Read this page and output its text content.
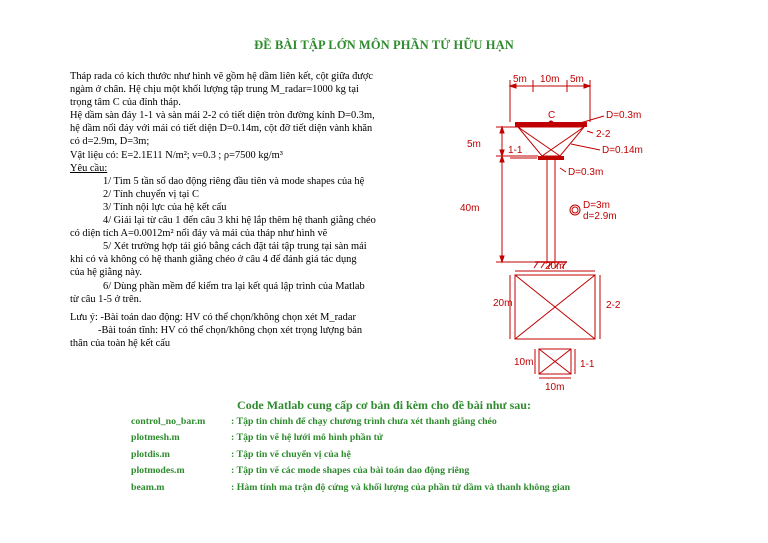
ĐỀ BÀI TẬP LỚN MÔN PHẦN TỬ HỮU HẠN

Tháp rada có kích thước như hình vẽ gồm hệ dầm liên kết, cột giữa được

ngàm ở chân. Hệ chịu một khối lượng tập trung M_radar=1000 kg tại

trọng tâm C của đỉnh tháp.

Hệ dầm sàn đáy 1-1 và sàn mái 2-2 có tiết diện tròn đường kính D=0.3m,

hệ dầm nối đáy với mái có tiết diện D=0.14m, cột đỡ tiết diện vành khăn

có d=2.9m, D=3m;

Vật liệu có: E=2.1E11 N/m²; ν=0.3 ; ρ=7500 kg/m³

Yêu cầu:

1/ Tìm 5 tần số dao động riêng đầu tiên và mode shapes của hệ

2/ Tính chuyển vị tại C

3/ Tính nội lực của hệ kết cấu

4/ Giải lại từ câu 1 đến câu 3 khi hệ lắp thêm hệ thanh giằng chéo

có diện tích A=0.0012m² nối đáy và mái của tháp như hình vẽ

5/ Xét trường hợp tải gió bằng cách đặt tải tập trung tại sàn mái

khi có và không có hệ thanh giằng chéo ở câu 4 để đánh giá tác dụng

của hệ giằng này.

6/ Dùng phần mềm để kiểm tra lại kết quả lập trình của Matlab

từ câu 1-5 ở trên.

Lưu ý: -Bài toán dao động: HV có thể chọn/không chọn xét M_radar

-Bài toán tĩnh: HV có thể chọn/không chọn xét trọng lượng bản

thân của toàn hệ kết cấu

5m 10m 5m
C	D=0.3m
2-2
D=0.14m
1-1
D=0.3m
5m
40m	D=3m
d=2.9m
20m
20m	2-2
10m	1-1
10m
Code Matlab cung cấp cơ bản đi kèm cho đề bài như sau:
control_no_bar.m	: Tập tin chính để chạy chương trình chưa xét thanh giằng chéo
plotmesh.m	: Tập tin vẽ hệ lưới mô hình phần tử
plotdis.m	: Tập tin vẽ chuyển vị của hệ
plotmodes.m	: Tập tin vẽ các mode shapes của bài toán dao động riêng
beam.m	: Hàm tính ma trận độ cứng và khối lượng của phần tử dầm và thanh không gian
